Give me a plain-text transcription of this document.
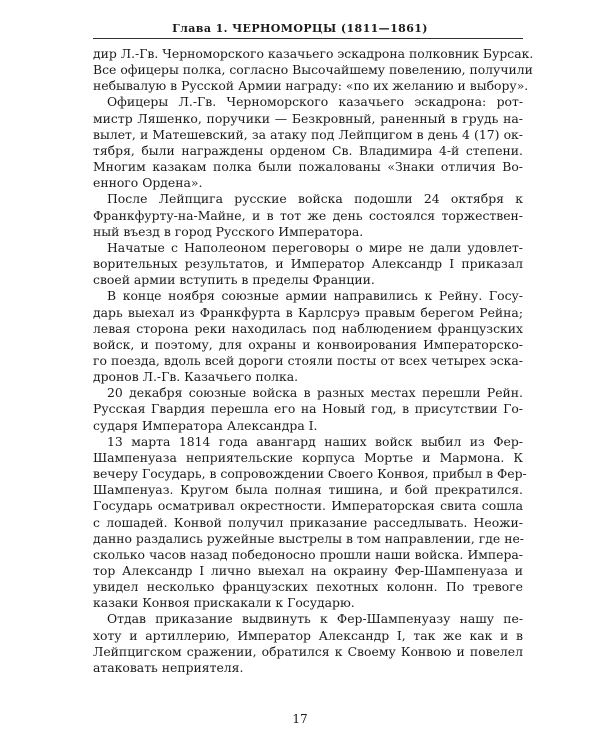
Глава 1. ЧЕРНОМОРЦЫ (1811—1861)

дир Л.-Гв. Черноморского казачьего эскадрона полковник Бурсак.
Все офицеры полка, согласно Высочайшему повелению, получили
небывалую в Русской Армии награду: «по их желанию и выбору».

Офицеры Л.-Гв. Черноморского казачьего эскадрона: рот-
мистр Ляшенко, поручики — Безкровный, раненный в грудь на-
вылет, и Матешевский, за атаку под Лейпцигом в день 4 (17) ок-
тября, были награждены орденом Св. Владимира 4-й степени.
Многим казакам полка были пожалованы «Знаки отличия Во-
енного Ордена».

После Лейпцига русские войска подошли 24 октября к
Франкфурту-на-Майне, и в тот же день состоялся торжествен-
ный въезд в город Русского Императора.

Начатые с Наполеоном переговоры о мире не дали удовлет-
ворительных результатов, и Император Александр I приказал
своей армии вступить в пределы Франции.

В конце ноября союзные армии направились к Рейну. Госу-
дарь выехал из Франкфурта в Карлсруэ правым берегом Рейна;
левая сторона реки находилась под наблюдением французских
войск, и поэтому, для охраны и конвоирования Императорско-
го поезда, вдоль всей дороги стояли посты от всех четырех эска-
дронов Л.-Гв. Казачьего полка.

20 декабря союзные войска в разных местах перешли Рейн.
Русская Гвардия перешла его на Новый год, в присутствии Го-
сударя Императора Александра I.

13 марта 1814 года авангард наших войск выбил из Фер-
Шампенуаза неприятельские корпуса Мортье и Мармона. К
вечеру Государь, в сопровождении Своего Конвоя, прибыл в Фер-
Шампенуаз. Кругом была полная тишина, и бой прекратился.
Государь осматривал окрестности. Императорская свита сошла
с лошадей. Конвой получил приказание расседлывать. Неожи-
данно раздались ружейные выстрелы в том направлении, где не-
сколько часов назад победоносно прошли наши войска. Импера-
тор Александр I лично выехал на окраину Фер-Шампенуаза и
увидел несколько французских пехотных колонн. По тревоге
казаки Конвоя прискакали к Государю.

Отдав приказание выдвинуть к Фер-Шампенуазу нашу пе-
хоту и артиллерию, Император Александр I, так же как и в
Лейпцигском сражении, обратился к Своему Конвою и повелел
атаковать неприятеля.

17
